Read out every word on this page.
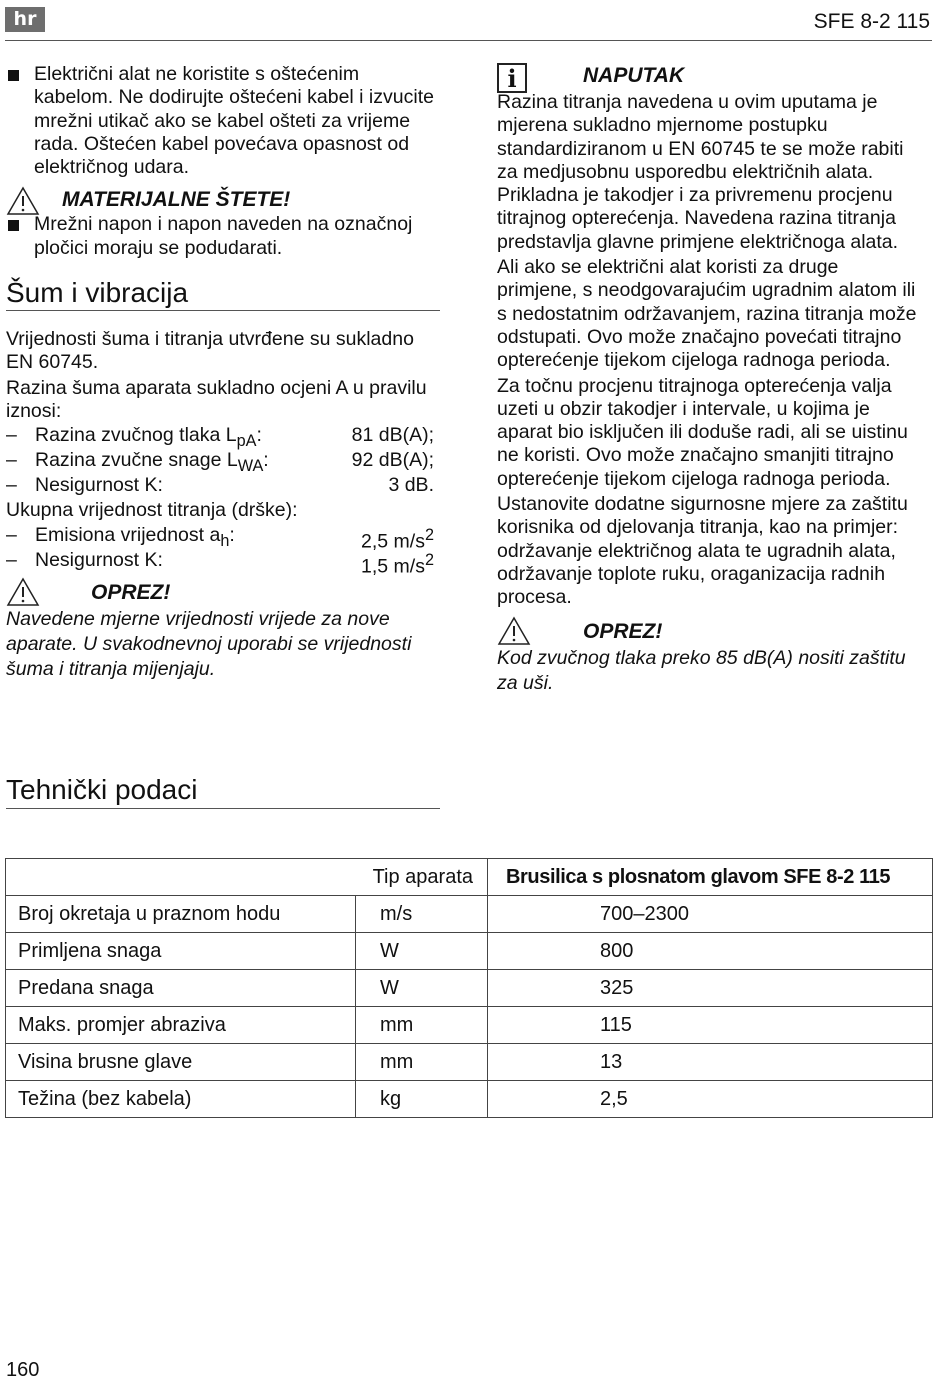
hr	SFE 8-2 115
Električni alat ne koristite s oštećenim kabelom. Ne dodirujte oštećeni kabel i izvucite mrežni utikač ako se kabel ošteti za vrijeme rada. Oštećen kabel povećava opasnost od električnog udara.
MATERIJALNE ŠTETE!
Mrežni napon i napon naveden na označnoj pločici moraju se podudarati.
Šum i vibracija

Vrijednosti šuma i titranja utvrđene su sukladno EN 60745.

Razina šuma aparata sukladno ocjeni A u pravilu iznosi:

– Razina zvučnog tlaka $L_{pA}$:	81 dB(A);
– Razina zvučne snage $L_{WA}$:	92 dB(A);
– Nesigurnost K:	3 dB.

Ukupna vrijednost titranja (drške):

– Emisiona vrijednost $a_h$:	2,5 $m/s^2$
– Nesigurnost K:	1,5 $m/s^2$
OPREZ!
Navedene mjerne vrijednosti vrijede za nove aparate. U svakodnevnoj uporabi se vrijednosti šuma i titranja mijenjaju.
Tehnički podaci
i	NAPUTAK

Razina titranja navedena u ovim uputama je mjerena sukladno mjernome postupku standardiziranom u EN 60745 te se može rabiti za medjusobnu usporedbu električnih alata. Prikladna je takodjer i za privremenu procjenu titrajnog opterećenja. Navedena razina titranja predstavlja glavne primjene električnoga alata.

Ali ako se električni alat koristi za druge primjene, s neodgovarajućim ugradnim alatom ili s nedostatnim održavanjem, razina titranja može odstupati. Ovo može značajno povećati titrajno opterećenje tijekom cijeloga radnoga perioda.

Za točnu procjenu titrajnoga opterećenja valja uzeti u obzir takodjer i intervale, u kojima je aparat bio isključen ili doduše radi, ali se uistinu ne koristi. Ovo može značajno smanjiti titrajno opterećenje tijekom cijeloga radnoga perioda.

Ustanovite dodatne sigurnosne mjere za zaštitu korisnika od djelovanja titranja, kao na primjer: održavanje električnog alata te ugradnih alata, održavanje toplote ruku, oraganizacija radnih procesa.

OPREZ!
Kod zvučnog tlaka preko 85 dB(A) nositi zaštitu za uši.
Tip aparata		Brusilica s plosnatom glavom SFE 8-2 115
Broj okretaja u praznom hodu	m/s	700–2300
Primljena snaga	W	800
Predana snaga	W	325
Maks. promjer abraziva	mm	115
Visina brusne glave	mm	13
Težina (bez kabela)	kg	2,5
160
